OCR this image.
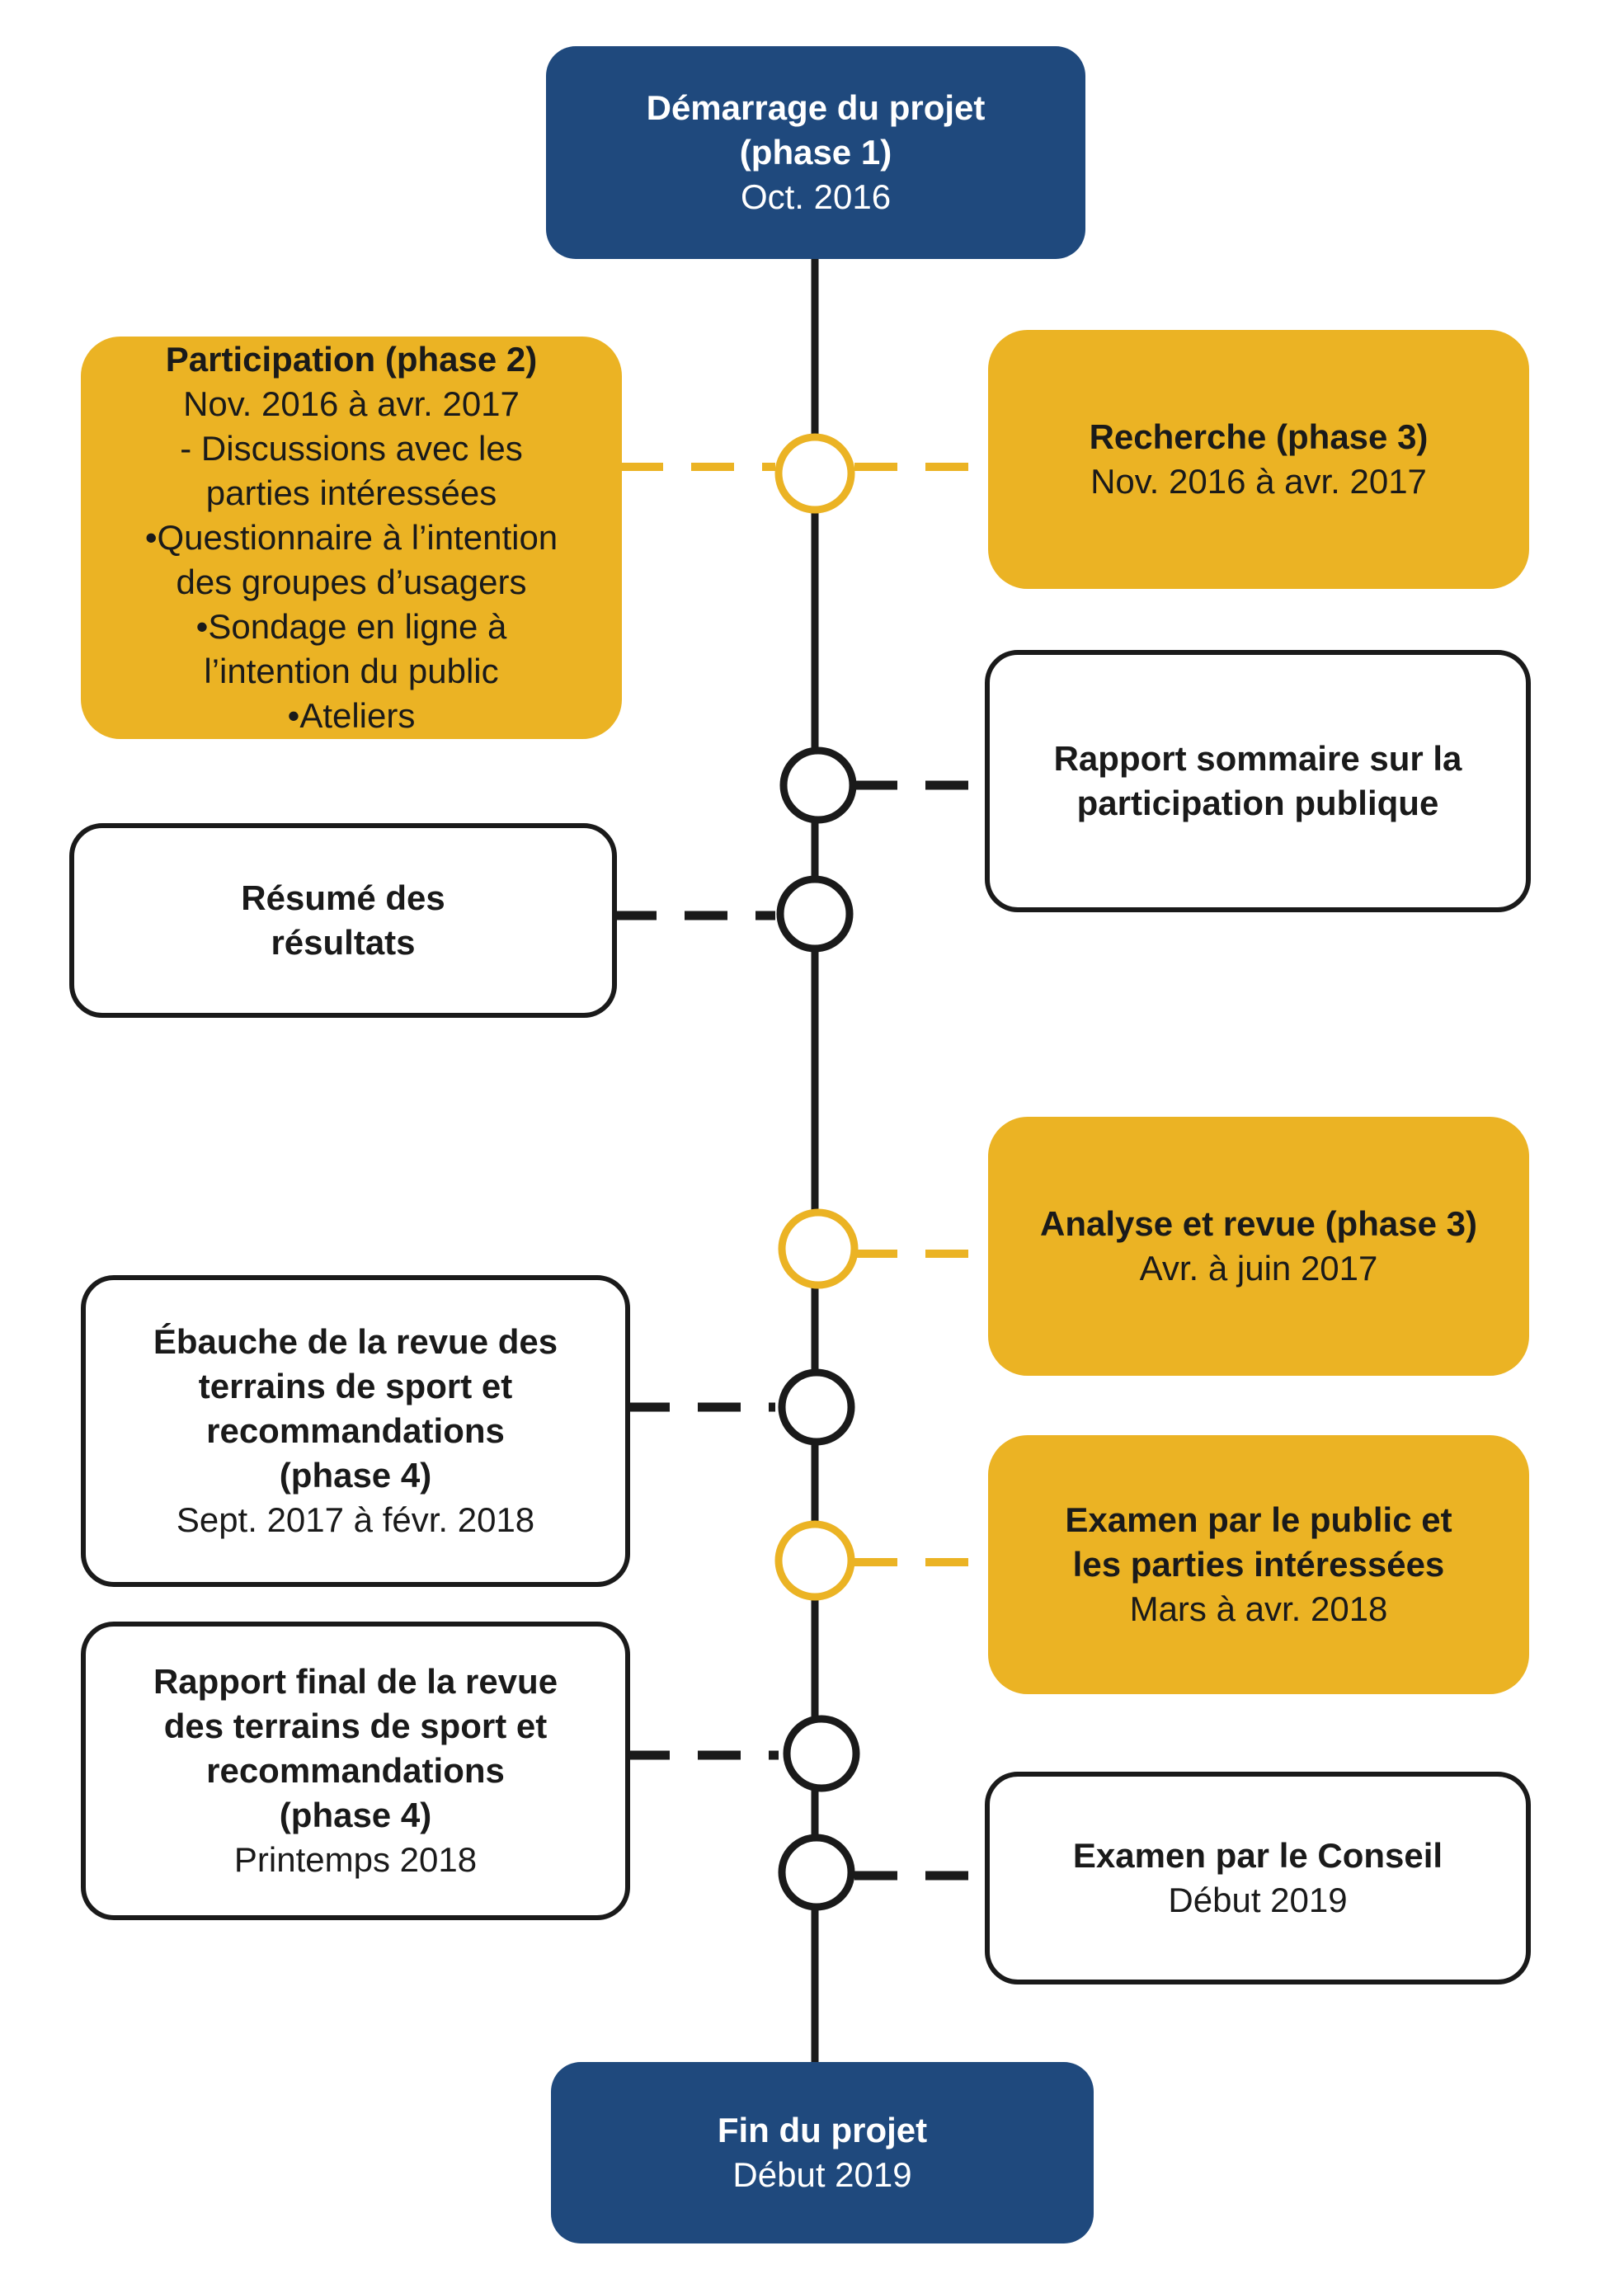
Démarrage du projet
(phase 1)
Oct. 2016
Participation (phase 2)
Nov. 2016 à avr. 2017
- Discussions avec les
parties intéressées
•Questionnaire à l’intention
des groupes d’usagers
•Sondage en ligne à
l’intention du public
•Ateliers
Recherche (phase 3)
Nov. 2016 à avr. 2017
Rapport sommaire sur la
participation publique
Résumé des
résultats
Analyse et revue (phase 3)
Avr. à juin 2017
Ébauche de la revue des
terrains de sport et
recommandations
(phase 4)
Sept. 2017 à févr. 2018	Examen par le public et
les parties intéressées
Mars à avr. 2018
Rapport final de la revue
des terrains de sport et
recommandations
(phase 4)
Printemps 2018	Examen par le Conseil
Début 2019
Fin du projet
Début 2019
